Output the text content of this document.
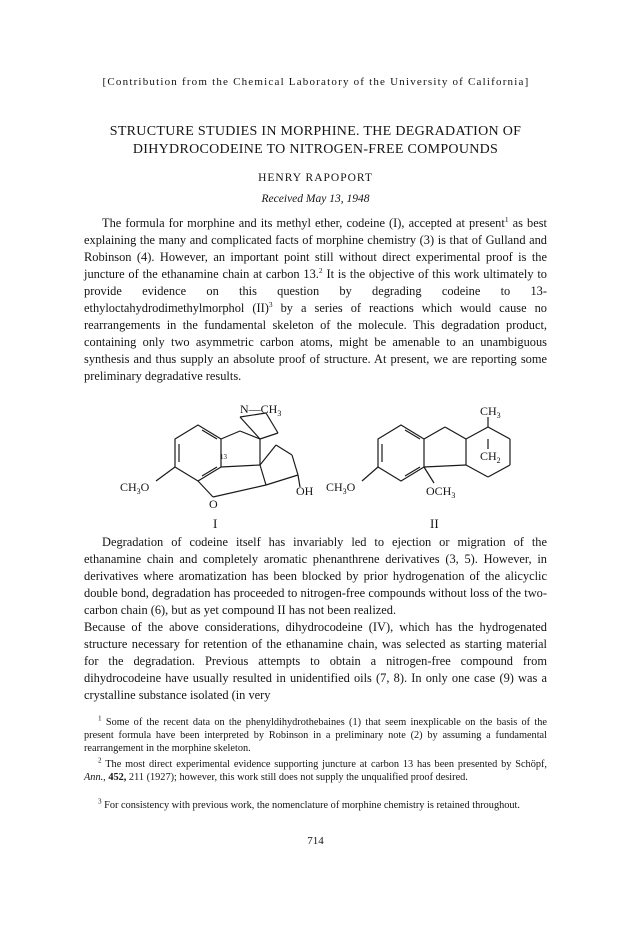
[Contribution from the Chemical Laboratory of the University of California]
STRUCTURE STUDIES IN MORPHINE. THE DEGRADATION OF
DIHYDROCODEINE TO NITROGEN-FREE COMPOUNDS
HENRY RAPOPORT
Received May 13, 1948

The formula for morphine and its methyl ether, codeine (I), accepted at present$^1$ as best explaining the many and complicated facts of morphine chemistry (3) is that of Gulland and Robinson (4). However, an important point still without direct experimental proof is the juncture of the ethanamine chain at carbon 13.$^2$ It is the objective of this work ultimately to provide evidence on this question by degrading codeine to 13-ethyloctahydrodimethylmorphol (II)$^3$ by a series of reactions which would cause no rearrangements in the fundamental skeleton of the molecule. This degradation product, containing only two asymmetric carbon atoms, might be amenable to an unambiguous synthesis and thus supply an absolute proof of structure. At present, we are reporting some preliminary degradative results.

$N—CH_3$
13
$CH_3O$
O
OH
I
$CH_3$
$CH_2$
$CH_3O$	$OCH_3$
II

Degradation of codeine itself has invariably led to ejection or migration of the ethanamine chain and completely aromatic phenanthrene derivatives (3, 5). However, in derivatives where aromatization has been blocked by prior hydrogenation of the alicyclic double bond, degradation has proceeded to nitrogen-free compounds without loss of the two-carbon chain (6), but as yet compound II has not been realized.

Because of the above considerations, dihydrocodeine (IV), which has the hydrogenated structure necessary for retention of the ethanamine chain, was selected as starting material for the degradation. Previous attempts to obtain a nitrogen-free compound from dihydrocodeine have usually resulted in unidentified oils (7, 8). In only one case (9) was a crystalline substance isolated (in very

$^1$ Some of the recent data on the phenyldihydrothebaines (1) that seem inexplicable on the basis of the present formula have been interpreted by Robinson in a preliminary note (2) by assuming a fundamental rearrangement in the morphine skeleton.

$^2$ The most direct experimental evidence supporting juncture at carbon 13 has been presented by Schöpf, Ann., 452, 211 (1927); however, this work still does not supply the unqualified proof desired.

$^3$ For consistency with previous work, the nomenclature of morphine chemistry is retained throughout.

714
